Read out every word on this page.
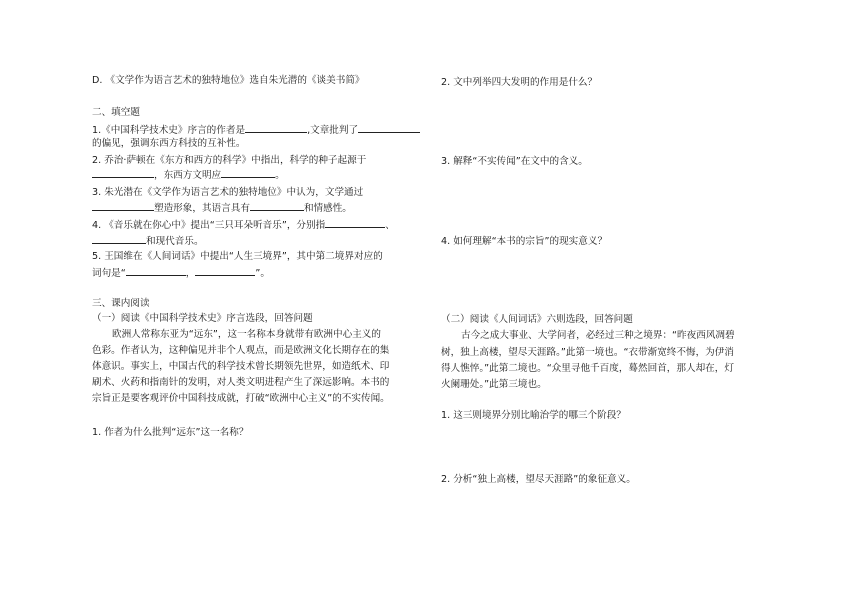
D. 《文学作为语言艺术的独特地位》选自朱光潜的《谈美书简》
二、填空题
1.《中国科学技术史》序言的作者是	,文章批判了
的偏见，强调东西方科技的互补性。
2. 乔治·萨顿在《东方和西方的科学》中指出，科学的种子起源于
，东西方文明应	。
3. 朱光潜在《文学作为语言艺术的独特地位》中认为，文学通过
塑造形象，其语言具有	和情感性。
4. 《音乐就在你心中》提出“三只耳朵听音乐”，分别指	、
和现代音乐。
5. 王国维在《人间词话》中提出“人生三境界”，其中第二境界对应的
词句是“	，	”。
三、课内阅读
（一）阅读《中国科学技术史》序言选段，回答问题
欧洲人常称东亚为“远东”，这一名称本身就带有欧洲中心主义的
色彩。作者认为，这种偏见并非个人观点，而是欧洲文化长期存在的集
体意识。事实上，中国古代的科学技术曾长期领先世界，如造纸术、印
刷术、火药和指南针的发明，对人类文明进程产生了深远影响。本书的
宗旨正是要客观评价中国科技成就，打破“欧洲中心主义”的不实传闻。
1. 作者为什么批判“远东”这一名称？
2. 文中列举四大发明的作用是什么？
3. 解释“不实传闻”在文中的含义。
4. 如何理解“本书的宗旨”的现实意义？
（二）阅读《人间词话》六则选段，回答问题
古今之成大事业、大学问者，必经过三种之境界：“昨夜西风凋碧
树，独上高楼，望尽天涯路。”此第一境也。“衣带渐宽终不悔，为伊消
得人憔悴。”此第二境也。“众里寻他千百度，蓦然回首，那人却在，灯
火阑珊处。”此第三境也。
1. 这三则境界分别比喻治学的哪三个阶段？
2. 分析“独上高楼，望尽天涯路”的象征意义。
